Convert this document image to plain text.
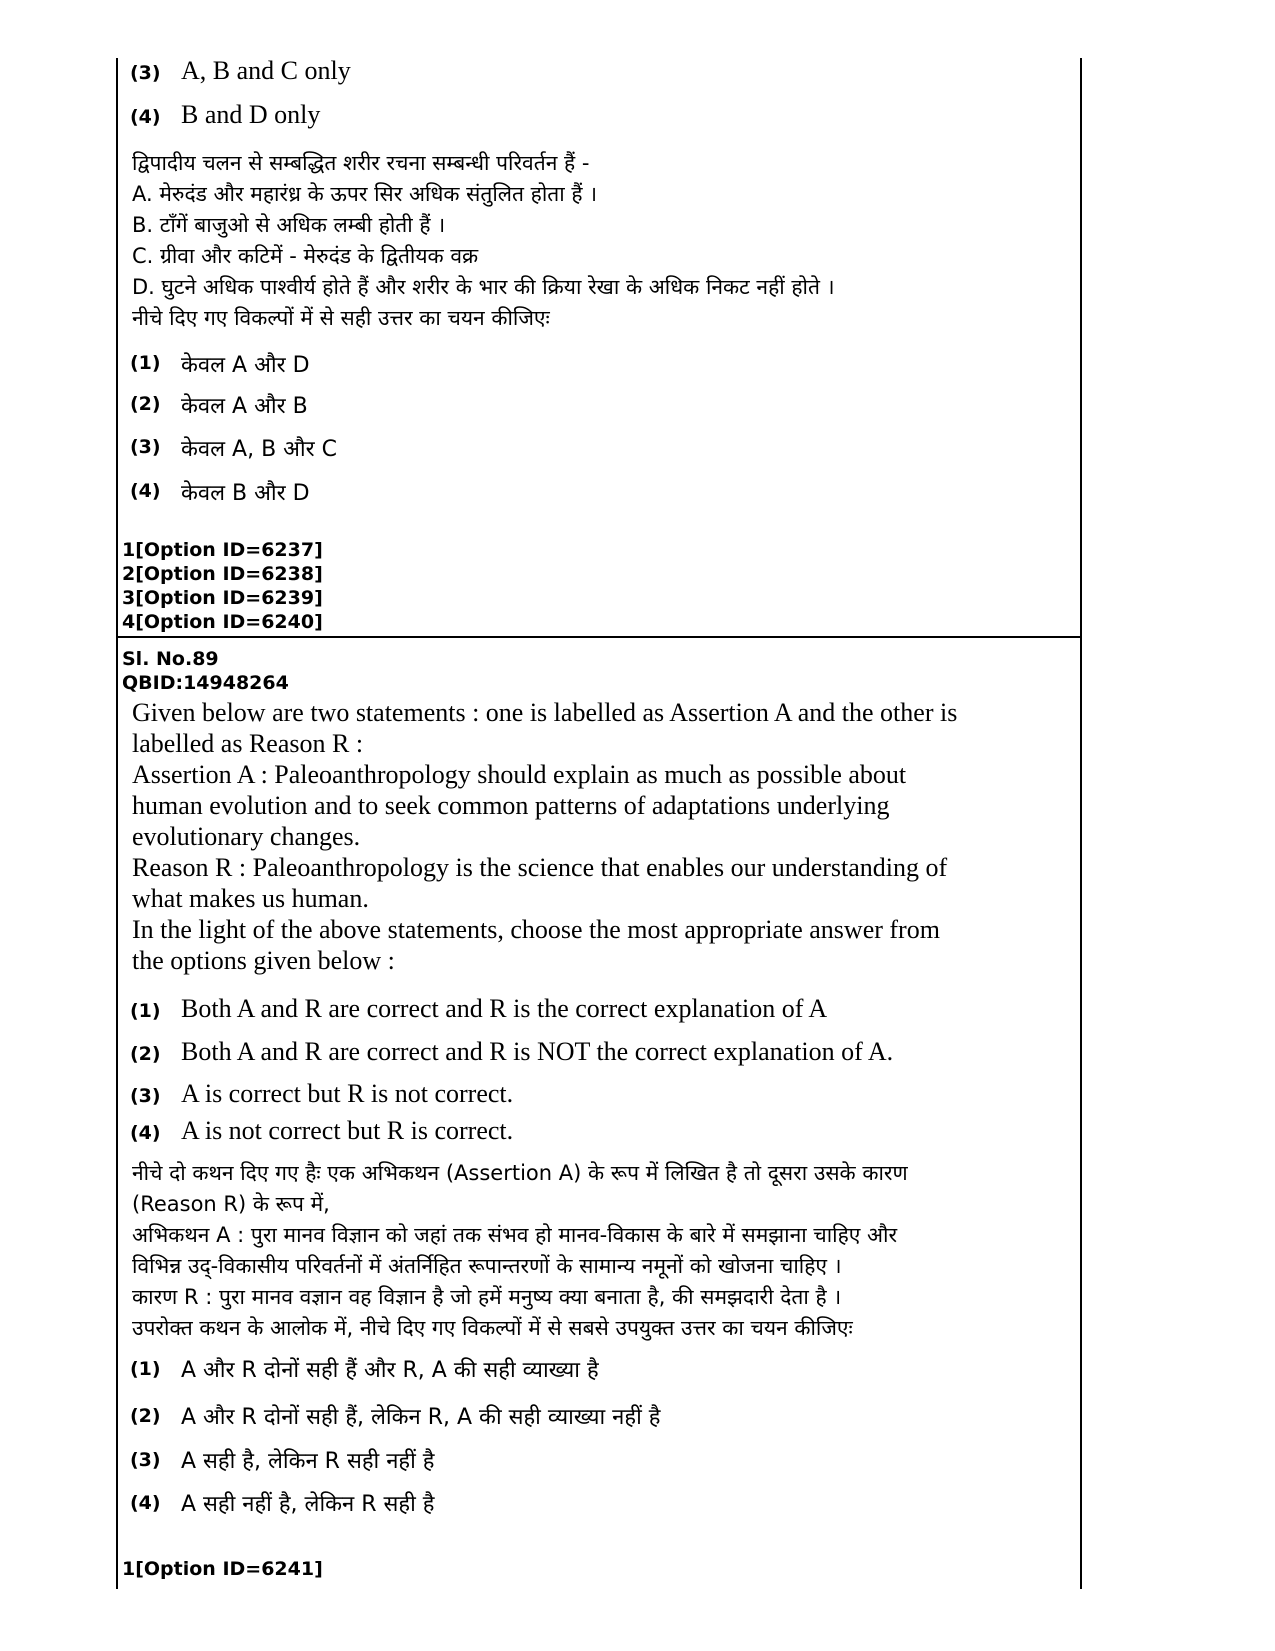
(3) A, B and C only
(4) B and D only
द्विपादीय चलन से सम्बद्धित शरीर रचना सम्बन्धी परिवर्तन हैं -
A. मेरुदंड और महारंध्र के ऊपर सिर अधिक संतुलित होता हैं ।
B. टाँगें बाजुओ से अधिक लम्बी होती हैं ।
C. ग्रीवा और कटिमें - मेरुदंड के द्वितीयक वक्र
D. घुटने अधिक पाश्वीर्य होते हैं और शरीर के भार की क्रिया रेखा के अधिक निकट नहीं होते ।
नीचे दिए गए विकल्पों में से सही उत्तर का चयन कीजिएः
(1) केवल A और D
(2) केवल A और B
(3) केवल A, B और C
(4) केवल B और D
1[Option ID=6237]
2[Option ID=6238]
3[Option ID=6239]
4[Option ID=6240]
Sl. No.89
QBID:14948264
Given below are two statements : one is labelled as Assertion A and the other is
labelled as Reason R :
Assertion A : Paleoanthropology should explain as much as possible about
human evolution and to seek common patterns of adaptations underlying
evolutionary changes.
Reason R : Paleoanthropology is the science that enables our understanding of
what makes us human.
In the light of the above statements, choose the most appropriate answer from
the options given below :
(1) Both A and R are correct and R is the correct explanation of A
(2) Both A and R are correct and R is NOT the correct explanation of A.
(3) A is correct but R is not correct.
(4) A is not correct but R is correct.
नीचे दो कथन दिए गए हैः एक अभिकथन (Assertion A) के रूप में लिखित है तो दूसरा उसके कारण
(Reason R) के रूप में,
अभिकथन A : पुरा मानव विज्ञान को जहां तक संभव हो मानव-विकास के बारे में समझाना चाहिए और
विभिन्न उद्-विकासीय परिवर्तनों में अंतर्निहित रूपान्तरणों के सामान्य नमूनों को खोजना चाहिए ।
कारण R : पुरा मानव वज्ञान वह विज्ञान है जो हमें मनुष्य क्या बनाता है, की समझदारी देता है ।
उपरोक्त कथन के आलोक में, नीचे दिए गए विकल्पों में से सबसे उपयुक्त उत्तर का चयन कीजिएः
(1) A और R दोनों सही हैं और R, A की सही व्याख्या है
(2) A और R दोनों सही हैं, लेकिन R, A की सही व्याख्या नहीं है
(3) A सही है, लेकिन R सही नहीं है
(4) A सही नहीं है, लेकिन R सही है
1[Option ID=6241]
